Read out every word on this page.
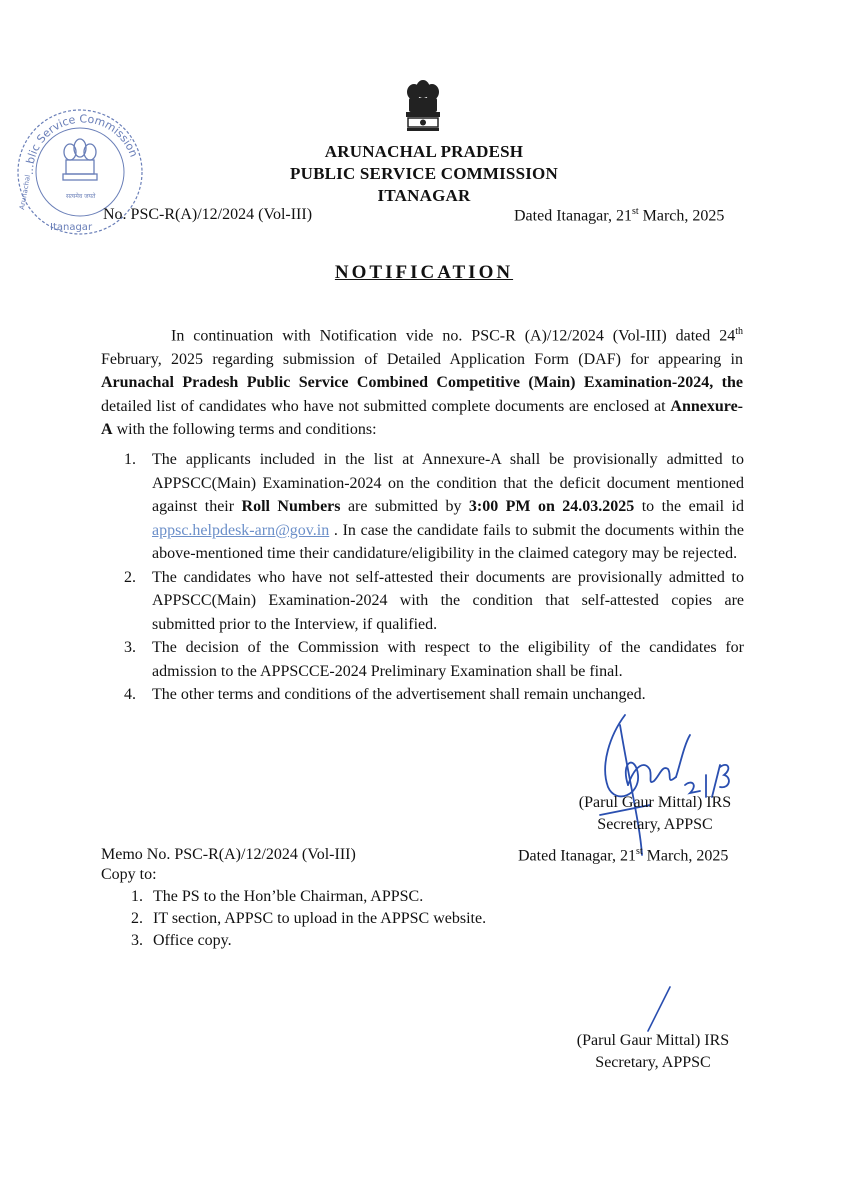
...blic Service Commission
सत्यमेव जयते
Arunachal
Itanagar
ARUNACHAL PRADESH
PUBLIC SERVICE COMMISSION
ITANAGAR
No. PSC-R(A)/12/2024 (Vol-III)	Dated Itanagar, 21st March, 2025
NOTIFICATION
In continuation with Notification vide no. PSC-R (A)/12/2024 (Vol-III) dated 24th February, 2025 regarding submission of Detailed Application Form (DAF) for appearing in Arunachal Pradesh Public Service Combined Competitive (Main) Examination-2024, the detailed list of candidates who have not submitted complete documents are enclosed at Annexure-A with the following terms and conditions:
1. The applicants included in the list at Annexure-A shall be provisionally admitted to APPSCC(Main) Examination-2024 on the condition that the deficit document mentioned against their Roll Numbers are submitted by 3:00 PM on 24.03.2025 to the email id appsc.helpdesk-arn@gov.in . In case the candidate fails to submit the documents within the above-mentioned time their candidature/eligibility in the claimed category may be rejected.
2. The candidates who have not self-attested their documents are provisionally admitted to APPSCC(Main) Examination-2024 with the condition that self-attested copies are submitted prior to the Interview, if qualified.
3. The decision of the Commission with respect to the eligibility of the candidates for admission to the APPSCCE-2024 Preliminary Examination shall be final.
4. The other terms and conditions of the advertisement shall remain unchanged.
(Parul Gaur Mittal) IRS
Secretary, APPSC
Memo No. PSC-R(A)/12/2024 (Vol-III)	Dated Itanagar, 21st March, 2025
Copy to:
1. The PS to the Hon’ble Chairman, APPSC.
2. IT section, APPSC to upload in the APPSC website.
3. Office copy.
(Parul Gaur Mittal) IRS
Secretary, APPSC
